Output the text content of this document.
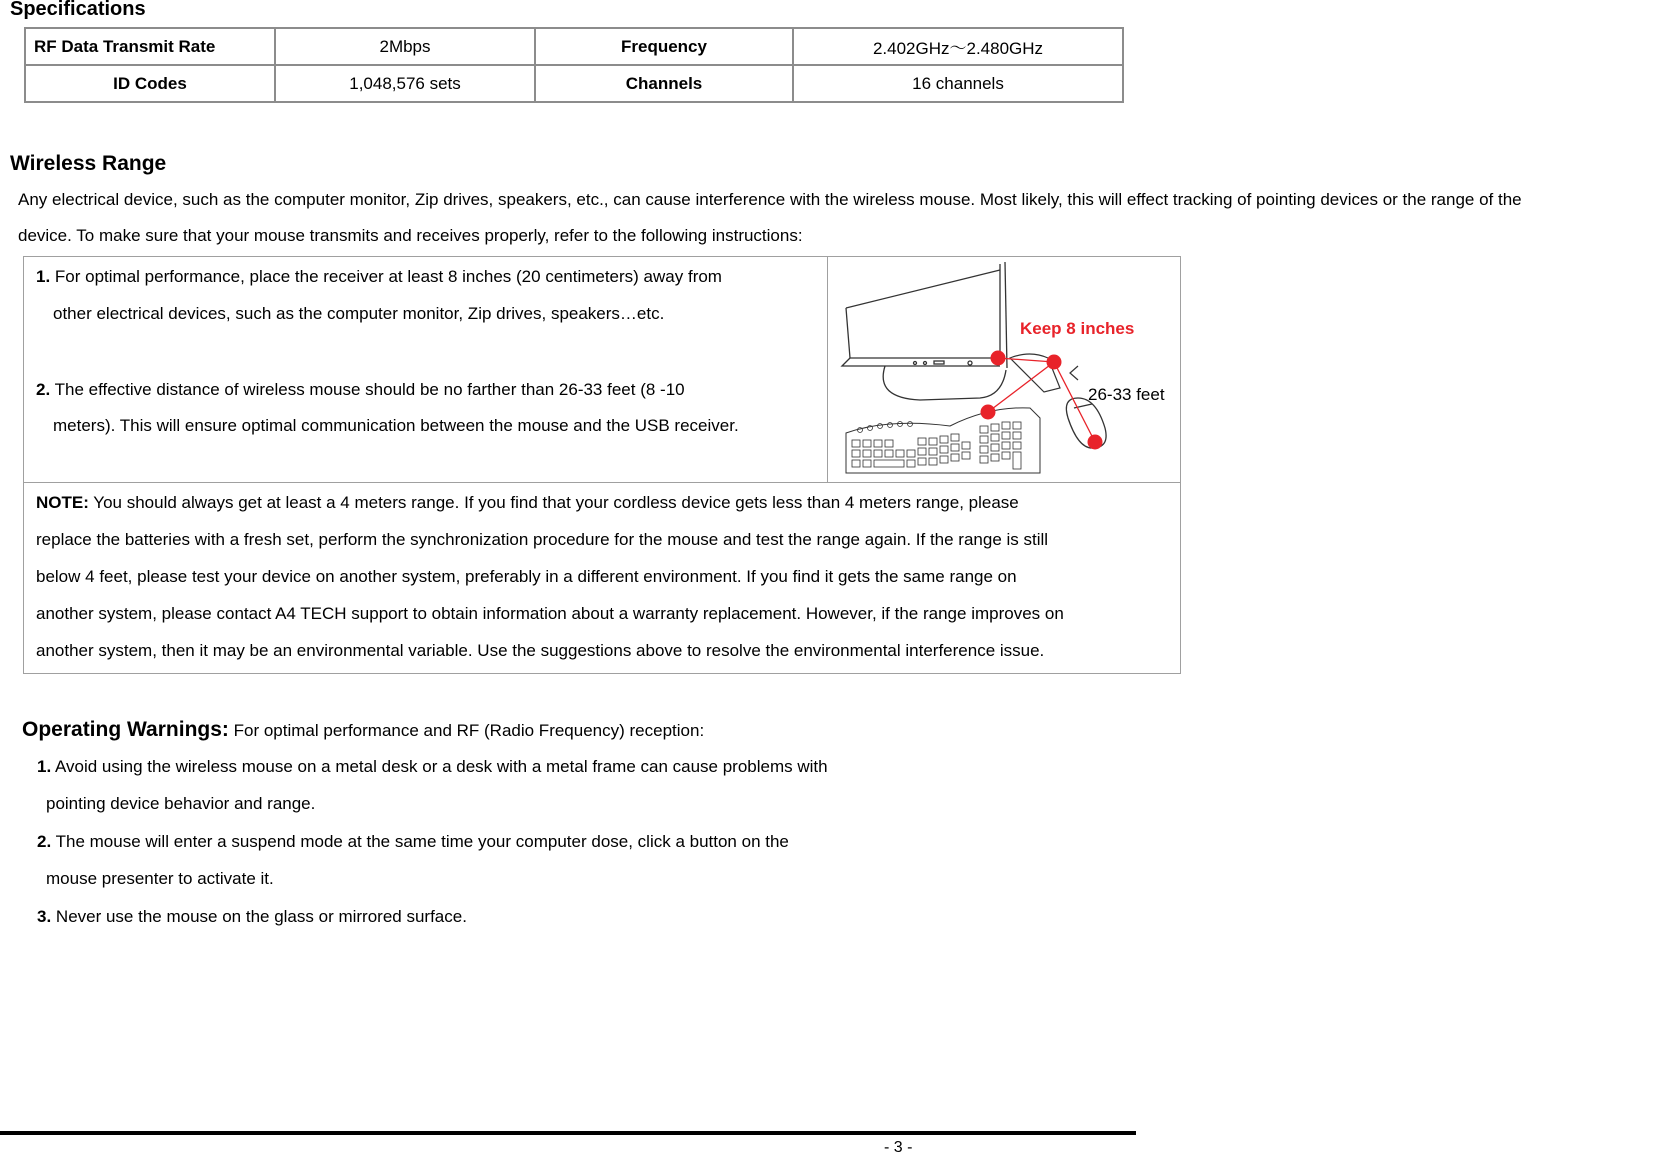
Specifications
RF Data Transmit Rate	2Mbps	Frequency	2.402GHz～2.480GHz
ID Codes	1,048,576 sets	Channels	16 channels
Wireless Range
Any electrical device, such as the computer monitor, Zip drives, speakers, etc., can cause interference with the wireless mouse. Most likely, this will effect tracking of pointing devices or the range of the
device. To make sure that your mouse transmits and receives properly, refer to the following instructions:
1. For optimal performance, place the receiver at least 8 inches (20 centimeters) away from
other electrical devices, such as the computer monitor, Zip drives, speakers…etc.
2. The effective distance of wireless mouse should be no farther than 26-33 feet (8 -10
meters). This will ensure optimal communication between the mouse and the USB receiver.
Keep 8 inches
26-33 feet
NOTE: You should always get at least a 4 meters range. If you find that your cordless device gets less than 4 meters range, please
replace the batteries with a fresh set, perform the synchronization procedure for the mouse and test the range again. If the range is still
below 4 feet, please test your device on another system, preferably in a different environment. If you find it gets the same range on
another system, please contact A4 TECH support to obtain information about a warranty replacement. However, if the range improves on
another system, then it may be an environmental variable. Use the suggestions above to resolve the environmental interference issue.
Operating Warnings: For optimal performance and RF (Radio Frequency) reception:
1. Avoid using the wireless mouse on a metal desk or a desk with a metal frame can cause problems with
pointing device behavior and range.
2. The mouse will enter a suspend mode at the same time your computer dose, click a button on the
mouse presenter to activate it.
3. Never use the mouse on the glass or mirrored surface.
- 3 -
